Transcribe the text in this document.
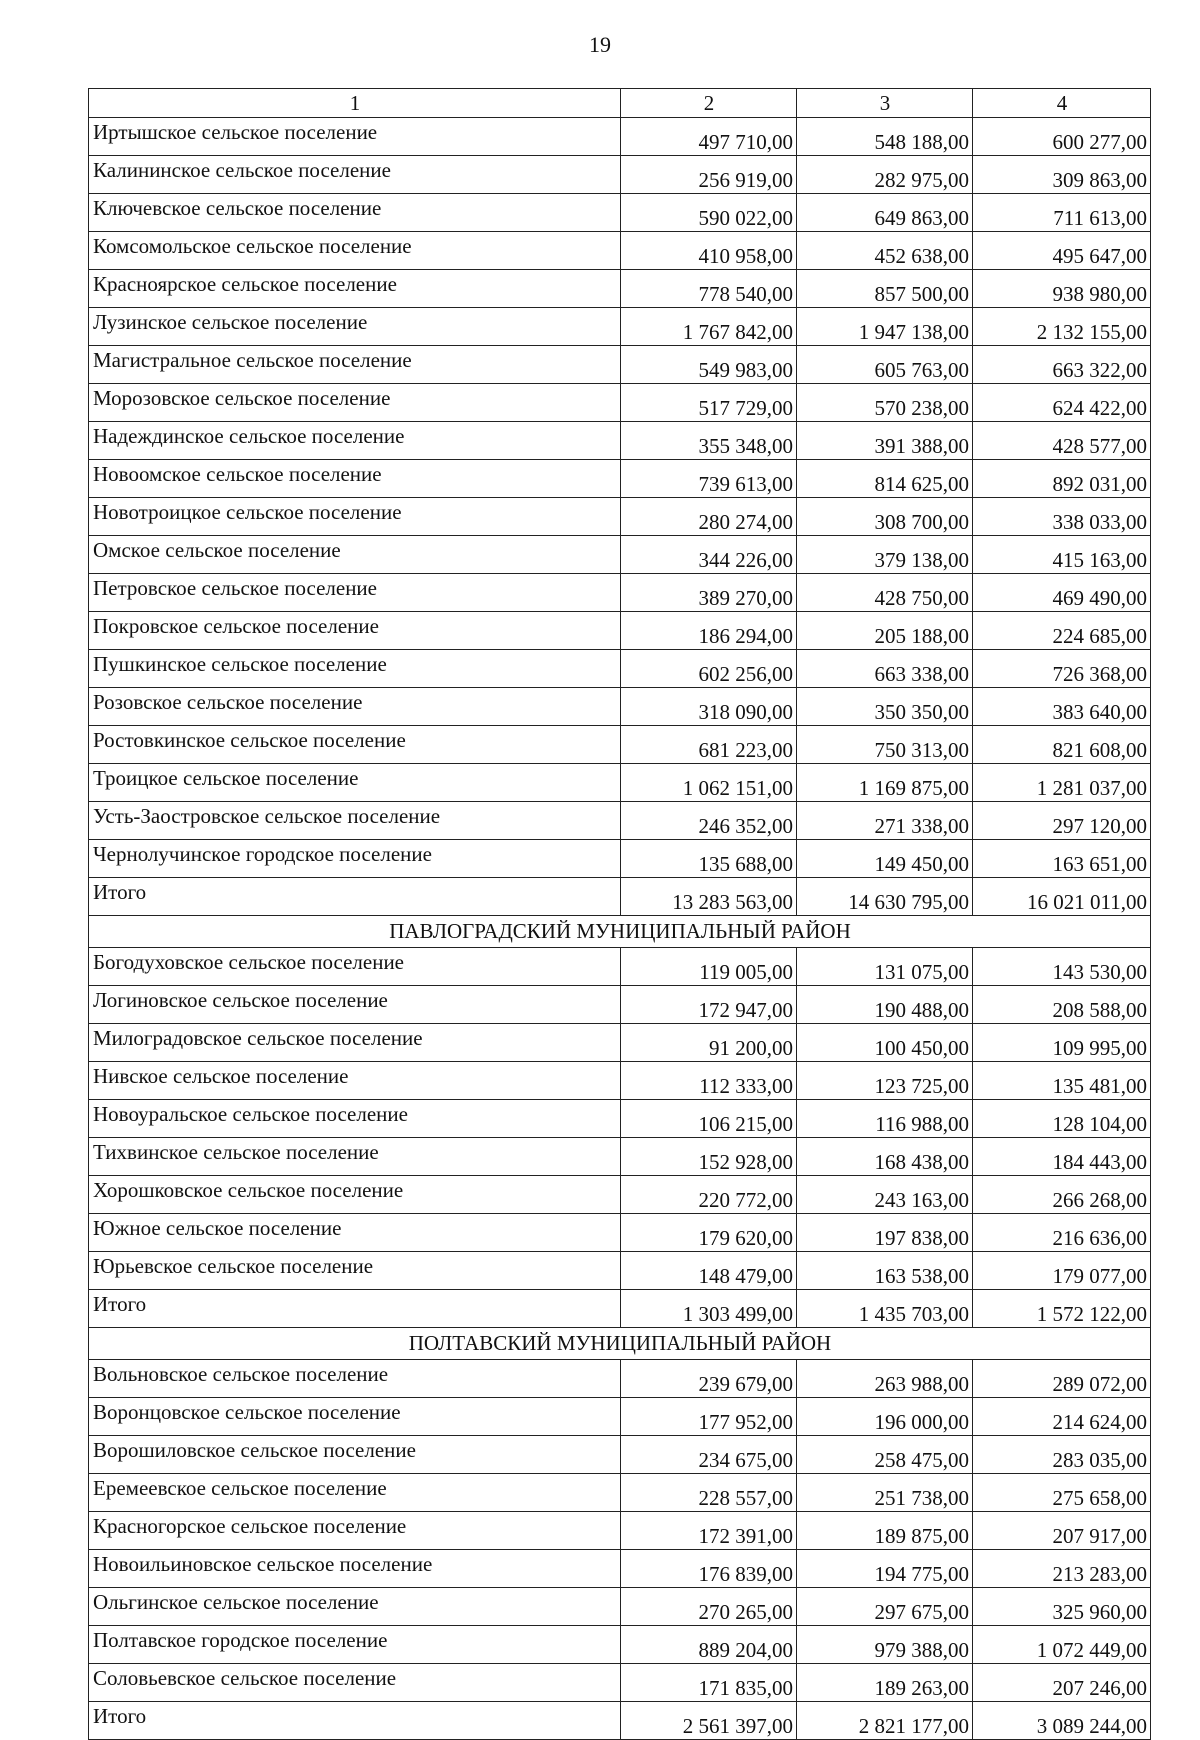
19
1	2	3	4
Иртышское сельское поселение	497 710,00	548 188,00	600 277,00
Калининское сельское поселение	256 919,00	282 975,00	309 863,00
Ключевское сельское поселение	590 022,00	649 863,00	711 613,00
Комсомольское сельское поселение	410 958,00	452 638,00	495 647,00
Красноярское сельское поселение	778 540,00	857 500,00	938 980,00
Лузинское сельское поселение	1 767 842,00	1 947 138,00	2 132 155,00
Магистральное сельское поселение	549 983,00	605 763,00	663 322,00
Морозовское сельское поселение	517 729,00	570 238,00	624 422,00
Надеждинское сельское поселение	355 348,00	391 388,00	428 577,00
Новоомское сельское поселение	739 613,00	814 625,00	892 031,00
Новотроицкое сельское поселение	280 274,00	308 700,00	338 033,00
Омское сельское поселение	344 226,00	379 138,00	415 163,00
Петровское сельское поселение	389 270,00	428 750,00	469 490,00
Покровское сельское поселение	186 294,00	205 188,00	224 685,00
Пушкинское сельское поселение	602 256,00	663 338,00	726 368,00
Розовское сельское поселение	318 090,00	350 350,00	383 640,00
Ростовкинское сельское поселение	681 223,00	750 313,00	821 608,00
Троицкое сельское поселение	1 062 151,00	1 169 875,00	1 281 037,00
Усть-Заостровское сельское поселение	246 352,00	271 338,00	297 120,00
Чернолучинское городское поселение	135 688,00	149 450,00	163 651,00
Итого	13 283 563,00	14 630 795,00	16 021 011,00
ПАВЛОГРАДСКИЙ МУНИЦИПАЛЬНЫЙ РАЙОН			
Богодуховское сельское поселение	119 005,00	131 075,00	143 530,00
Логиновское сельское поселение	172 947,00	190 488,00	208 588,00
Милоградовское сельское поселение	91 200,00	100 450,00	109 995,00
Нивское сельское поселение	112 333,00	123 725,00	135 481,00
Новоуральское сельское поселение	106 215,00	116 988,00	128 104,00
Тихвинское сельское поселение	152 928,00	168 438,00	184 443,00
Хорошковское сельское поселение	220 772,00	243 163,00	266 268,00
Южное сельское поселение	179 620,00	197 838,00	216 636,00
Юрьевское сельское поселение	148 479,00	163 538,00	179 077,00
Итого	1 303 499,00	1 435 703,00	1 572 122,00
ПОЛТАВСКИЙ МУНИЦИПАЛЬНЫЙ РАЙОН			
Вольновское сельское поселение	239 679,00	263 988,00	289 072,00
Воронцовское сельское поселение	177 952,00	196 000,00	214 624,00
Ворошиловское сельское поселение	234 675,00	258 475,00	283 035,00
Еремеевское сельское поселение	228 557,00	251 738,00	275 658,00
Красногорское сельское поселение	172 391,00	189 875,00	207 917,00
Новоильиновское сельское поселение	176 839,00	194 775,00	213 283,00
Ольгинское сельское поселение	270 265,00	297 675,00	325 960,00
Полтавское городское поселение	889 204,00	979 388,00	1 072 449,00
Соловьевское сельское поселение	171 835,00	189 263,00	207 246,00
Итого	2 561 397,00	2 821 177,00	3 089 244,00
